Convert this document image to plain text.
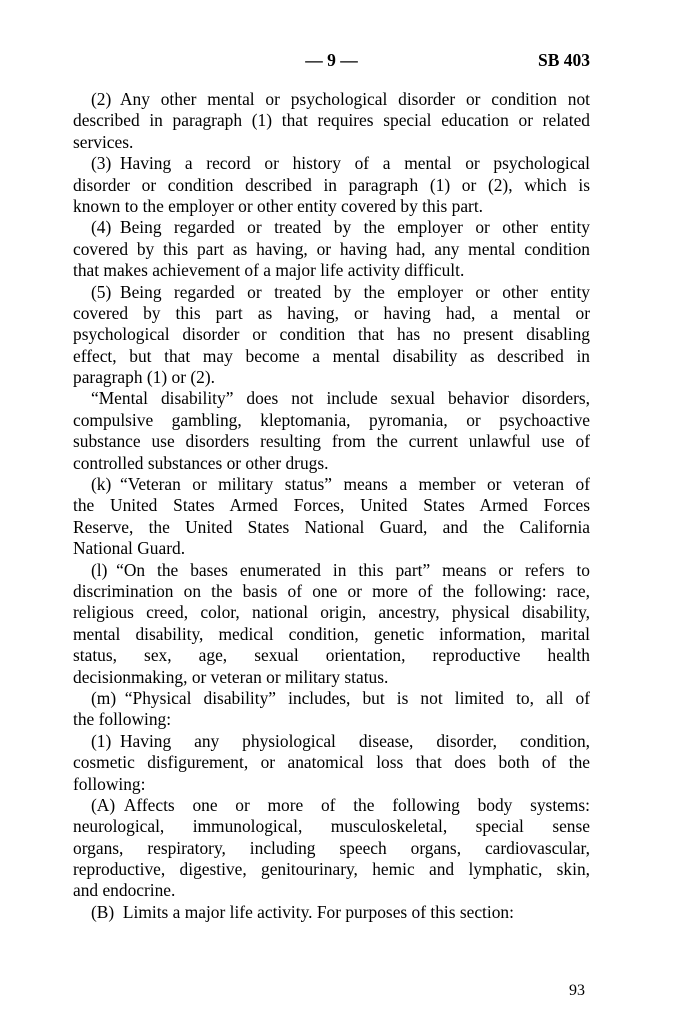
— 9 —	SB 403
(2) Any other mental or psychological disorder or condition not
described in paragraph (1) that requires special education or related
services.
(3) Having a record or history of a mental or psychological
disorder or condition described in paragraph (1) or (2), which is
known to the employer or other entity covered by this part.
(4) Being regarded or treated by the employer or other entity
covered by this part as having, or having had, any mental condition
that makes achievement of a major life activity difficult.
(5) Being regarded or treated by the employer or other entity
covered by this part as having, or having had, a mental or
psychological disorder or condition that has no present disabling
effect, but that may become a mental disability as described in
paragraph (1) or (2).
“Mental disability” does not include sexual behavior disorders,
compulsive gambling, kleptomania, pyromania, or psychoactive
substance use disorders resulting from the current unlawful use of
controlled substances or other drugs.
(k) “Veteran or military status” means a member or veteran of
the United States Armed Forces, United States Armed Forces
Reserve, the United States National Guard, and the California
National Guard.
(l) “On the bases enumerated in this part” means or refers to
discrimination on the basis of one or more of the following: race,
religious creed, color, national origin, ancestry, physical disability,
mental disability, medical condition, genetic information, marital
status, sex, age, sexual orientation, reproductive health
decisionmaking, or veteran or military status.
(m) “Physical disability” includes, but is not limited to, all of
the following:
(1) Having any physiological disease, disorder, condition,
cosmetic disfigurement, or anatomical loss that does both of the
following:
(A) Affects one or more of the following body systems:
neurological, immunological, musculoskeletal, special sense
organs, respiratory, including speech organs, cardiovascular,
reproductive, digestive, genitourinary, hemic and lymphatic, skin,
and endocrine.
(B) Limits a major life activity. For purposes of this section:
93
